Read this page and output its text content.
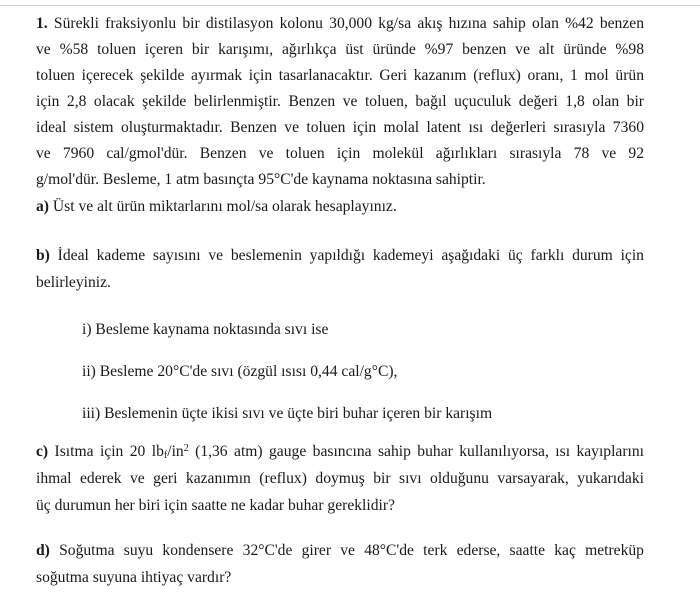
1. Sürekli fraksiyonlu bir distilasyon kolonu 30,000 kg/sa akış hızına sahip olan %42 benzen
ve %58 toluen içeren bir karışımı, ağırlıkça üst üründe %97 benzen ve alt üründe %98
toluen içerecek şekilde ayırmak için tasarlanacaktır. Geri kazanım (reflux) oranı, 1 mol ürün
için 2,8 olacak şekilde belirlenmiştir. Benzen ve toluen, bağıl uçuculuk değeri 1,8 olan bir
ideal sistem oluşturmaktadır. Benzen ve toluen için molal latent ısı değerleri sırasıyla 7360
ve 7960 cal/gmol'dür. Benzen ve toluen için molekül ağırlıkları sırasıyla 78 ve 92
g/mol'dür. Besleme, 1 atm basınçta 95°C'de kaynama noktasına sahiptir.
a) Üst ve alt ürün miktarlarını mol/sa olarak hesaplayınız.
b) İdeal kademe sayısını ve beslemenin yapıldığı kademeyi aşağıdaki üç farklı durum için
belirleyiniz.
i) Besleme kaynama noktasında sıvı ise
ii) Besleme 20°C'de sıvı (özgül ısısı 0,44 cal/g°C),
iii) Beslemenin üçte ikisi sıvı ve üçte biri buhar içeren bir karışım
c) Isıtma için 20 $lb_f/in^2$ (1,36 atm) gauge basıncına sahip buhar kullanılıyorsa, ısı kayıplarını
ihmal ederek ve geri kazanımın (reflux) doymuş bir sıvı olduğunu varsayarak, yukarıdaki
üç durumun her biri için saatte ne kadar buhar gereklidir?
d) Soğutma suyu kondensere 32°C'de girer ve 48°C'de terk ederse, saatte kaç metreküp
soğutma suyuna ihtiyaç vardır?
